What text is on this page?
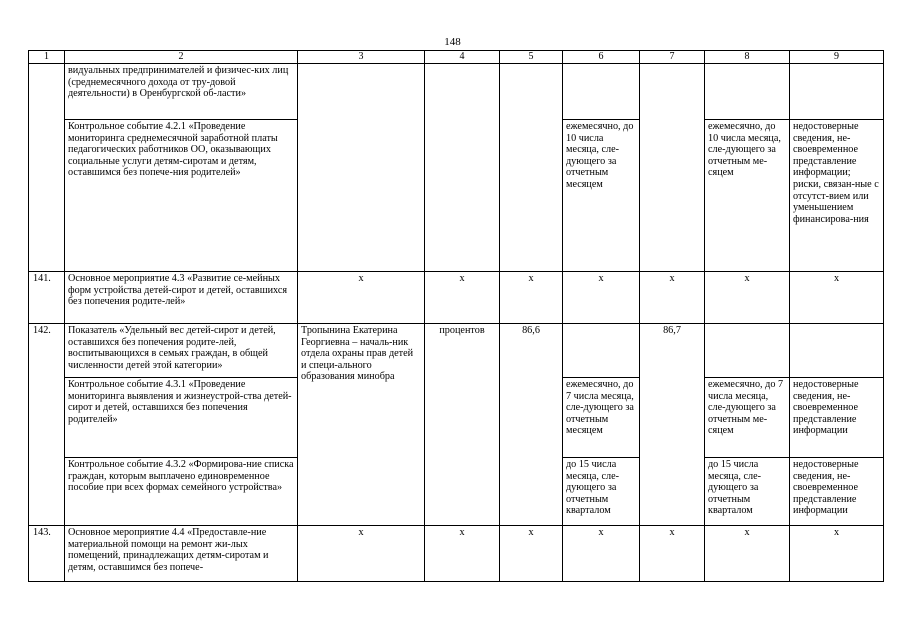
148
1	2	3	4	5	6	7	8	9
	видуальных предпринимателей и физичес-ких лиц (среднемесячного дохода от тру-довой деятельности) в Оренбургской об-ласти»							
	Контрольное событие 4.2.1 «Проведение мониторинга среднемесячной заработной платы педагогических работников ОО, оказывающих социальные услуги детям-сиротам и детям, оставшимся без попече-ния родителей»				ежемесячно, до 10 числа месяца, сле-дующего за отчетным месяцем		ежемесячно, до 10 числа месяца, сле-дующего за отчетным ме-сяцем	недостоверные сведения, не-своевременное представление информации; риски, связан-ные с отсутст-вием или уменьшением финансирова-ния
141.	Основное мероприятие 4.3 «Развитие се-мейных форм устройства детей-сирот и детей, оставшихся без попечения родите-лей»	x	x	x	x	x	x	x
142.	Показатель «Удельный вес детей-сирот и детей, оставшихся без попечения родите-лей, воспитывающихся в семьях граждан, в общей численности детей этой категории»	Тропынина Екатерина Георгиевна – началь-ник отдела охраны прав детей и специ-ального образования минобра	процентов	86,6		86,7		
	Контрольное событие 4.3.1 «Проведение мониторинга выявления и жизнеустрой-ства детей-сирот и детей, оставшихся без попечения родителей»				ежемесячно, до 7 числа месяца, сле-дующего за отчетным месяцем		ежемесячно, до 7 числа месяца, сле-дующего за отчетным ме-сяцем	недостоверные сведения, не-своевременное представление информации
	Контрольное событие 4.3.2 «Формирова-ние списка граждан, которым выплачено единовременное пособие при всех формах семейного устройства»				до 15 числа месяца, сле-дующего за отчетным кварталом		до 15 числа месяца, сле-дующего за отчетным кварталом	недостоверные сведения, не-своевременное представление информации
143.	Основное мероприятие 4.4 «Предоставле-ние материальной помощи на ремонт жи-лых помещений, принадлежащих детям-сиротам и детям, оставшимся без попече-	x	x	x	x	x	x	x
